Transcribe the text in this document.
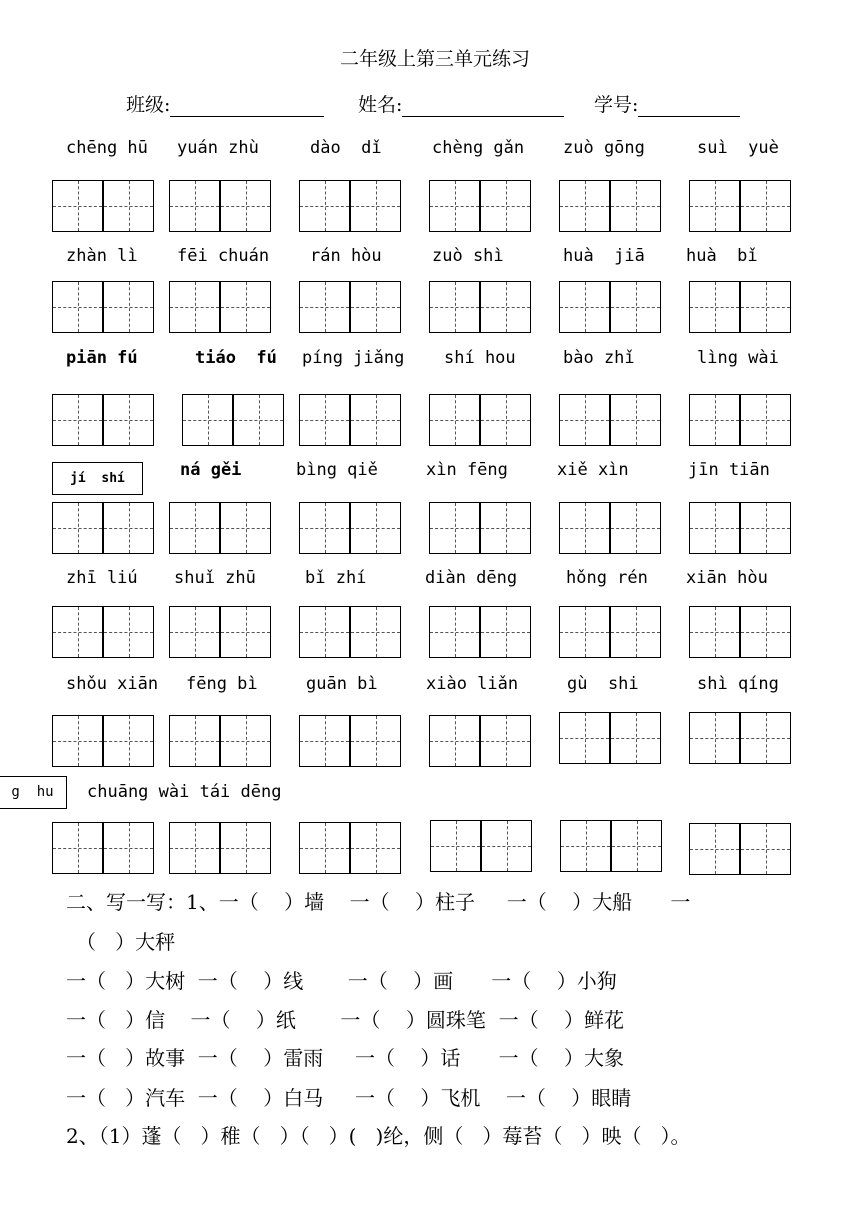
二年级上第三单元练习
班级:	姓名:	学号:
chēng hū yuán zhù	dào  dǐ	chèng gǎn zuò gōng	suì  yuè
zhàn lì fēi chuán rán hòu	zuò shì	huà  jiā huà  bǐ
piān fú	tiáo  fú píng jiǎng shí hou	bào zhǐ	lìng wài
jí  shí	ná gěi	bìng qiě	xìn fēng	xiě xìn	jīn tiān
zhī liú shuǐ zhū	bǐ zhí	diàn dēng	hǒng rén xiān hòu
shǒu xiān fēng bì	guān bì	xiào liǎn	gù  shi	shì qíng
g  hu	chuāng wài tái dēng
二、写一写：1、一（    ）墙    一（    ）柱子     一（    ）大船      一
（   ）大秤
一（   ）大树  一（    ）线       一（    ）画      一（    ）小狗
一（   ）信    一（    ）纸       一（    ）圆珠笔  一（    ）鲜花
一（   ）故事  一（    ）雷雨     一（    ）话      一（    ）大象
一（   ）汽车  一（    ）白马     一（    ）飞机    一（    ）眼睛
2、（1）蓬（   ）稚（   ）（   ）(   )纶，侧（   ）莓苔（   ）映（   ）。
